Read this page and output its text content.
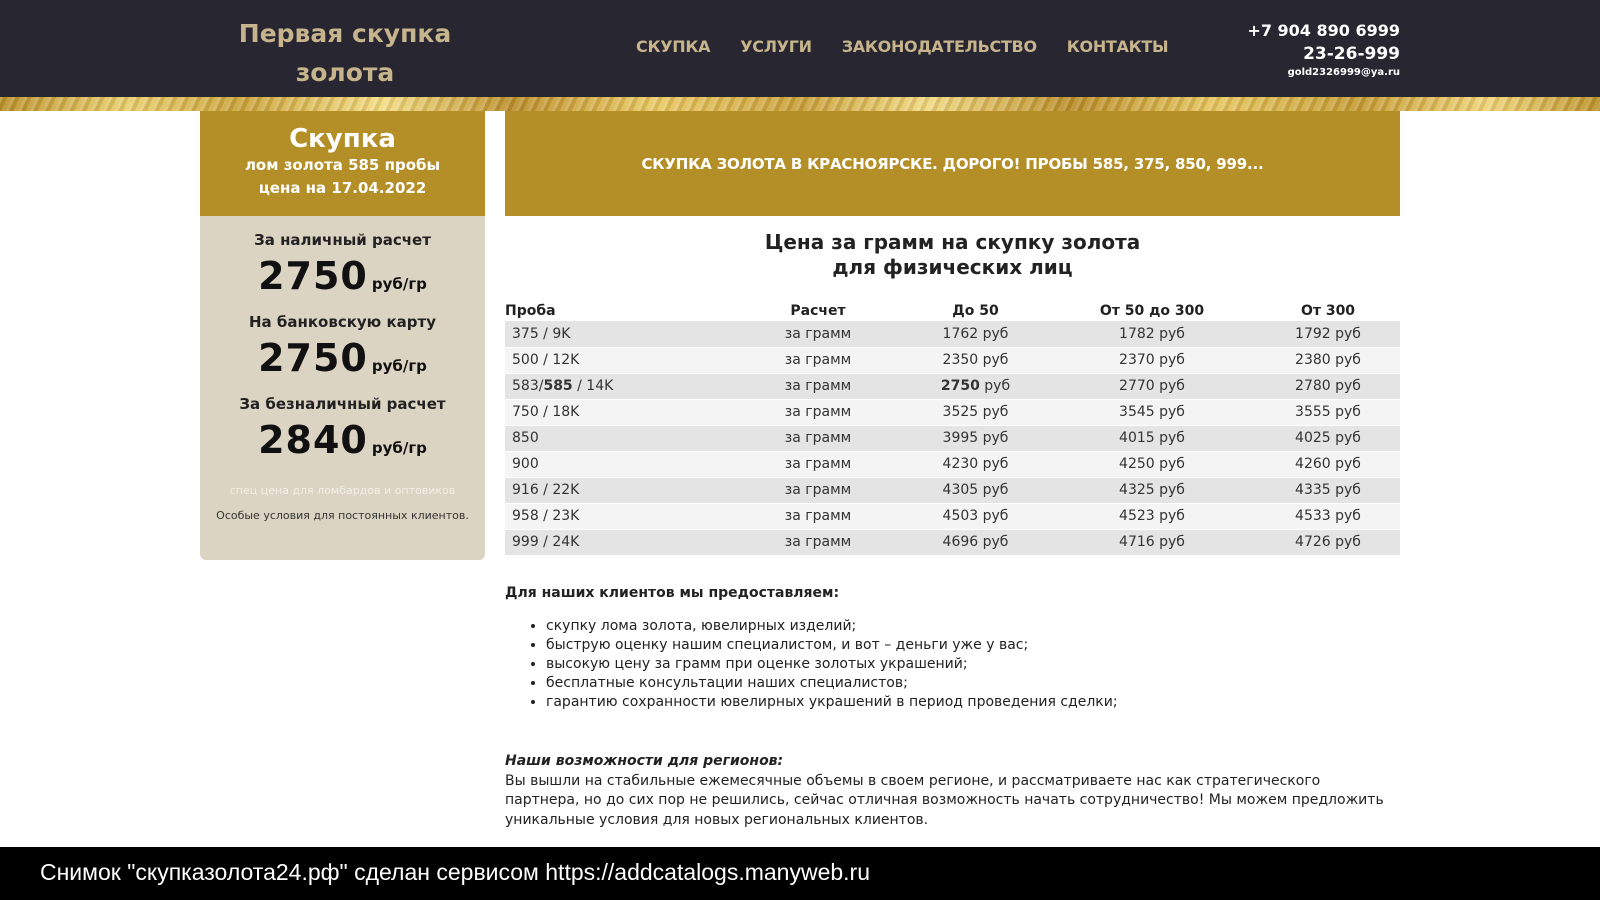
Первая скупка золота
СКУПКА УСЛУГИ ЗАКОНОДАТЕЛЬСТВО КОНТАКТЫ
+7 904 890 6999
23-26-999
gold2326999@ya.ru
Скупка
лом золота 585 пробы
цена на 17.04.2022
За наличный расчет
2750 руб/гр
На банковскую карту
2750 руб/гр
За безналичный расчет
2840 руб/гр
спец цена для ломбардов и оптовиков
Особые условия для постоянных клиентов.
СКУПКА ЗОЛОТА В КРАСНОЯРСКЕ. ДОРОГО! ПРОБЫ 585, 375, 850, 999...
Цена за грамм на скупку золота
для физических лиц
Проба	Расчет	До 50	От 50 до 300	От 300
375 / 9K	за грамм	1762 руб	1782 руб	1792 руб
500 / 12K	за грамм	2350 руб	2370 руб	2380 руб
583/585 / 14K	за грамм	2750 руб	2770 руб	2780 руб
750 / 18K	за грамм	3525 руб	3545 руб	3555 руб
850	за грамм	3995 руб	4015 руб	4025 руб
900	за грамм	4230 руб	4250 руб	4260 руб
916 / 22K	за грамм	4305 руб	4325 руб	4335 руб
958 / 23K	за грамм	4503 руб	4523 руб	4533 руб
999 / 24K	за грамм	4696 руб	4716 руб	4726 руб
Для наших клиентов мы предоставляем:
• скупку лома золота, ювелирных изделий;
• быструю оценку нашим специалистом, и вот – деньги уже у вас;
• высокую цену за грамм при оценке золотых украшений;
• бесплатные консультации наших специалистов;
• гарантию сохранности ювелирных украшений в период проведения сделки;
Наши возможности для регионов:
Вы вышли на стабильные ежемесячные объемы в своем регионе, и рассматриваете нас как стратегического партнера, но до сих пор не решились, сейчас отличная возможность начать сотрудничество! Мы можем предложить уникальные условия для новых региональных клиентов.
Снимок "скупказолота24.рф" сделан сервисом https://addcatalogs.manyweb.ru
